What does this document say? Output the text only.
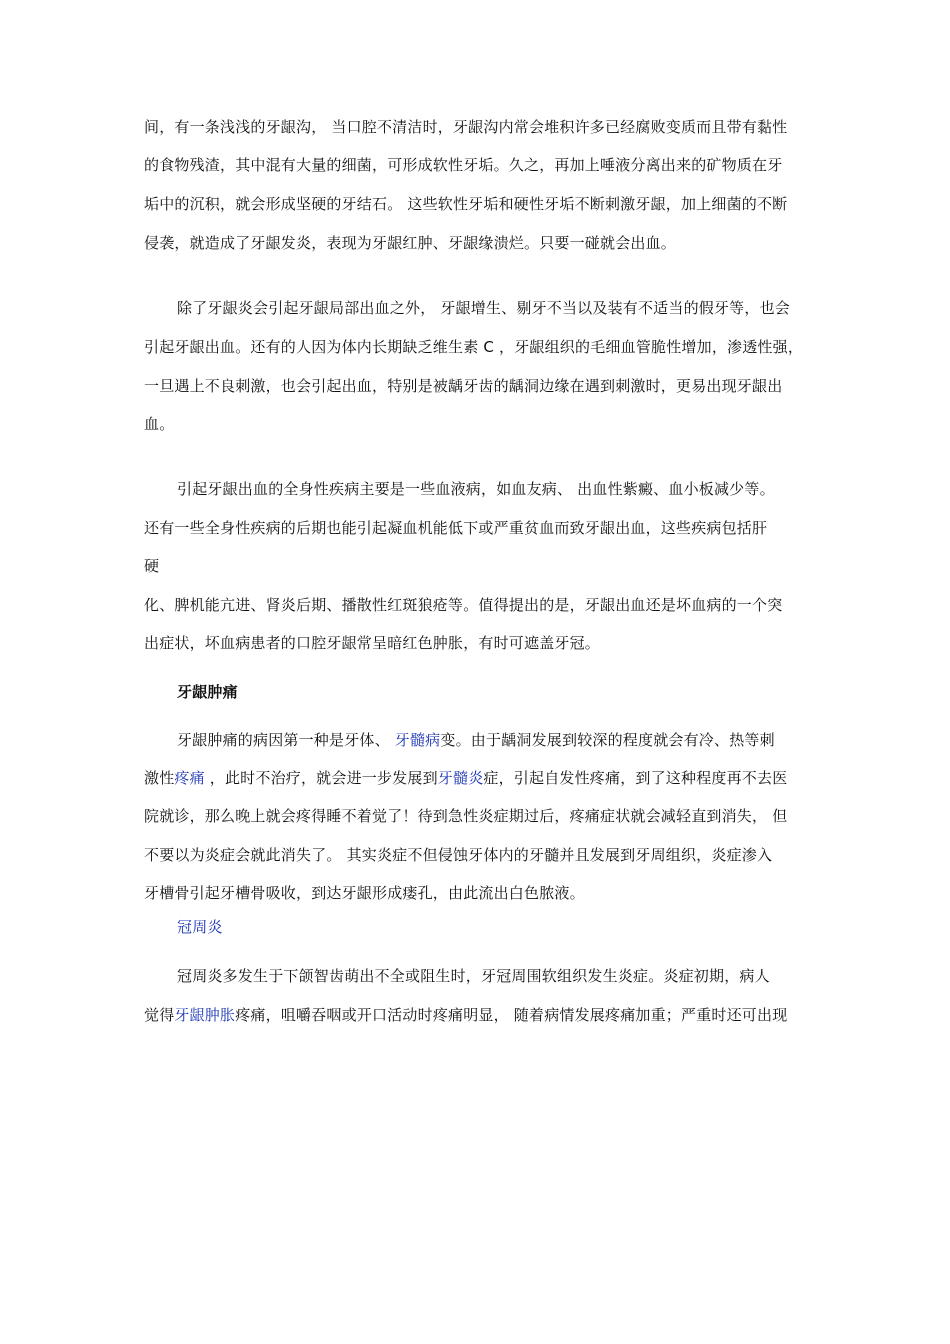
间，有一条浅浅的牙龈沟， 当口腔不清洁时，牙龈沟内常会堆积许多已经腐败变质而且带有黏性
的食物残渣，其中混有大量的细菌，可形成软性牙垢。久之，再加上唾液分离出来的矿物质在牙
垢中的沉积，就会形成坚硬的牙结石。 这些软性牙垢和硬性牙垢不断刺激牙龈，加上细菌的不断
侵袭，就造成了牙龈发炎，表现为牙龈红肿、牙龈缘溃烂。只要一碰就会出血。
除了牙龈炎会引起牙龈局部出血之外， 牙龈增生、剔牙不当以及装有不适当的假牙等，也会
引起牙龈出血。还有的人因为体内长期缺乏维生素 C ，牙龈组织的毛细血管脆性增加，渗透性强，
一旦遇上不良刺激，也会引起出血，特别是被龋牙齿的龋洞边缘在遇到刺激时，更易出现牙龈出
血。
引起牙龈出血的全身性疾病主要是一些血液病，如血友病、 出血性紫癜、血小板减少等。
还有一些全身性疾病的后期也能引起凝血机能低下或严重贫血而致牙龈出血，这些疾病包括肝
硬
化、脾机能亢进、肾炎后期、播散性红斑狼疮等。值得提出的是，牙龈出血还是坏血病的一个突
出症状，坏血病患者的口腔牙龈常呈暗红色肿胀，有时可遮盖牙冠。
牙龈肿痛
牙龈肿痛的病因第一种是牙体、 牙髓病变。由于龋洞发展到较深的程度就会有冷、热等刺
激性疼痛 ，此时不治疗，就会进一步发展到牙髓炎症，引起自发性疼痛，到了这种程度再不去医
院就诊，那么晚上就会疼得睡不着觉了！待到急性炎症期过后，疼痛症状就会减轻直到消失， 但
不要以为炎症会就此消失了。 其实炎症不但侵蚀牙体内的牙髓并且发展到牙周组织，炎症渗入
牙槽骨引起牙槽骨吸收，到达牙龈形成瘘孔，由此流出白色脓液。
冠周炎
冠周炎多发生于下颌智齿萌出不全或阻生时，牙冠周围软组织发生炎症。炎症初期，病人
觉得牙龈肿胀疼痛，咀嚼吞咽或开口活动时疼痛明显， 随着病情发展疼痛加重；严重时还可出现
